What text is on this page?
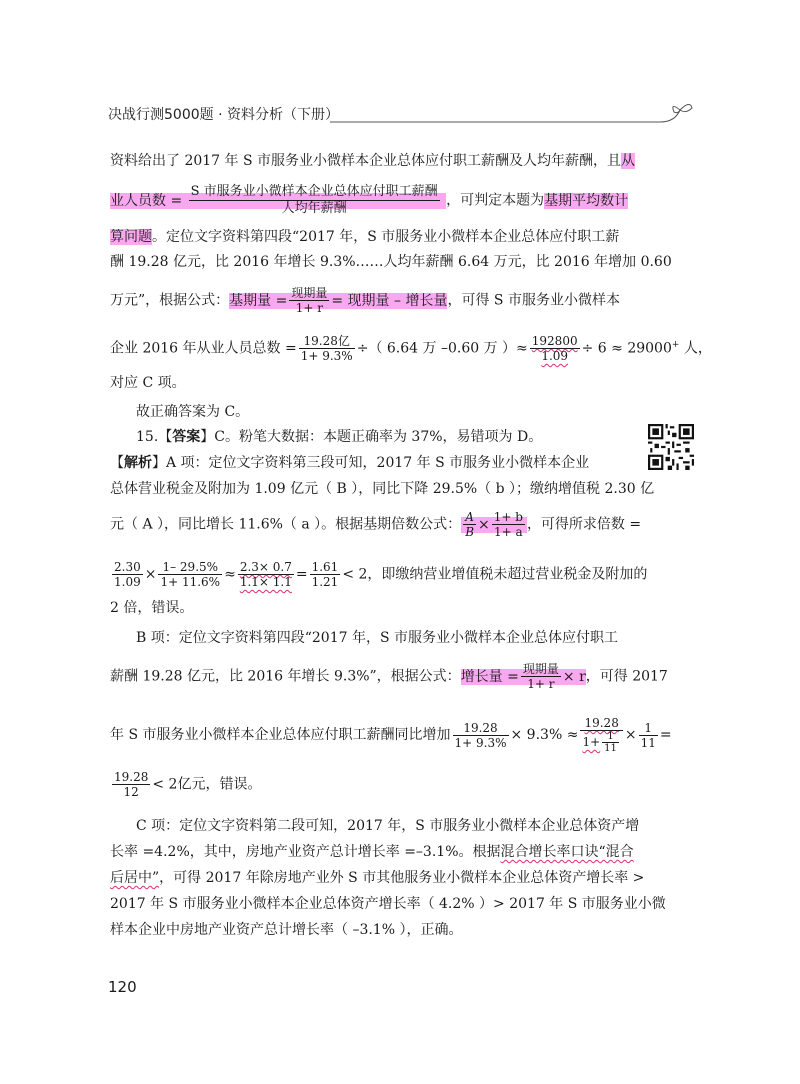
决战行测5000题 · 资料分析（下册）
资料给出了 2017 年 S 市服务业小微样本企业总体应付职工薪酬及人均年薪酬，且从
业人员数 = $\frac{\text{S 市服务业小微样本企业总体应付职工薪酬}}{\text{人均年薪酬}}$ ，可判定本题为基期平均数计
算问题。定位文字资料第四段“2017 年，S 市服务业小微样本企业总体应付职工薪
酬 19.28 亿元，比 2016 年增长 9.3%……人均年薪酬 6.64 万元，比 2016 年增加 0.60
万元”，根据公式：基期量 = $\frac{\text{现期量}}{1+ r}$ = 现期量 – 增长量，可得 S 市服务业小微样本
企业 2016 年从业人员总数 = $\frac{\text{19.28亿}}{1+ 9.3\%}$ ÷（ 6.64 万 –0.60 万 ）≈ $\frac{192800}{1.09} \div 6 \approx 29000^+$ 人，
对应 C 项。
故正确答案为 C。
15.【答案】C。粉笔大数据：本题正确率为 37%，易错项为 D。
【解析】A 项：定位文字资料第三段可知，2017 年 S 市服务业小微样本企业
总体营业税金及附加为 1.09 亿元（ B ），同比下降 29.5%（ b ）；缴纳增值税 2.30 亿
元（ A ），同比增长 11.6%（ a ）。根据基期倍数公式： $\frac{A}{B} \times \frac{1+ b}{1+ a}$ ，可得所求倍数 =
$\frac{2.30}{1.09} \times \frac{1- 29.5\%}{1+ 11.6\%} \approx \frac{2.3\times 0.7}{1.1\times 1.1} = \frac{1.61}{1.21} < 2$，即缴纳营业增值税未超过营业税金及附加的
2 倍，错误。
B 项：定位文字资料第四段“2017 年，S 市服务业小微样本企业总体应付职工
薪酬 19.28 亿元，比 2016 年增长 9.3%”，根据公式：增长量 = $\frac{\text{现期量}}{1+ r} \times r$，可得 2017
年 S 市服务业小微样本企业总体应付职工薪酬同比增加 $\frac{19.28}{1+ 9.3\%} \times 9.3\% \approx \frac{19.28}{1+ \frac{1}{11}} \times \frac{1}{11}$ =
$\frac{19.28}{12} < 2$亿元，错误。
C 项：定位文字资料第二段可知，2017 年，S 市服务业小微样本企业总体资产增
长率 =4.2%，其中，房地产业资产总计增长率 =–3.1%。根据混合增长率口诀“混合
后居中”，可得 2017 年除房地产业外 S 市其他服务业小微样本企业总体资产增长率 >
2017 年 S 市服务业小微样本企业总体资产增长率（ 4.2% ）> 2017 年 S 市服务业小微
样本企业中房地产业资产总计增长率（ –3.1% ），正确。
120
